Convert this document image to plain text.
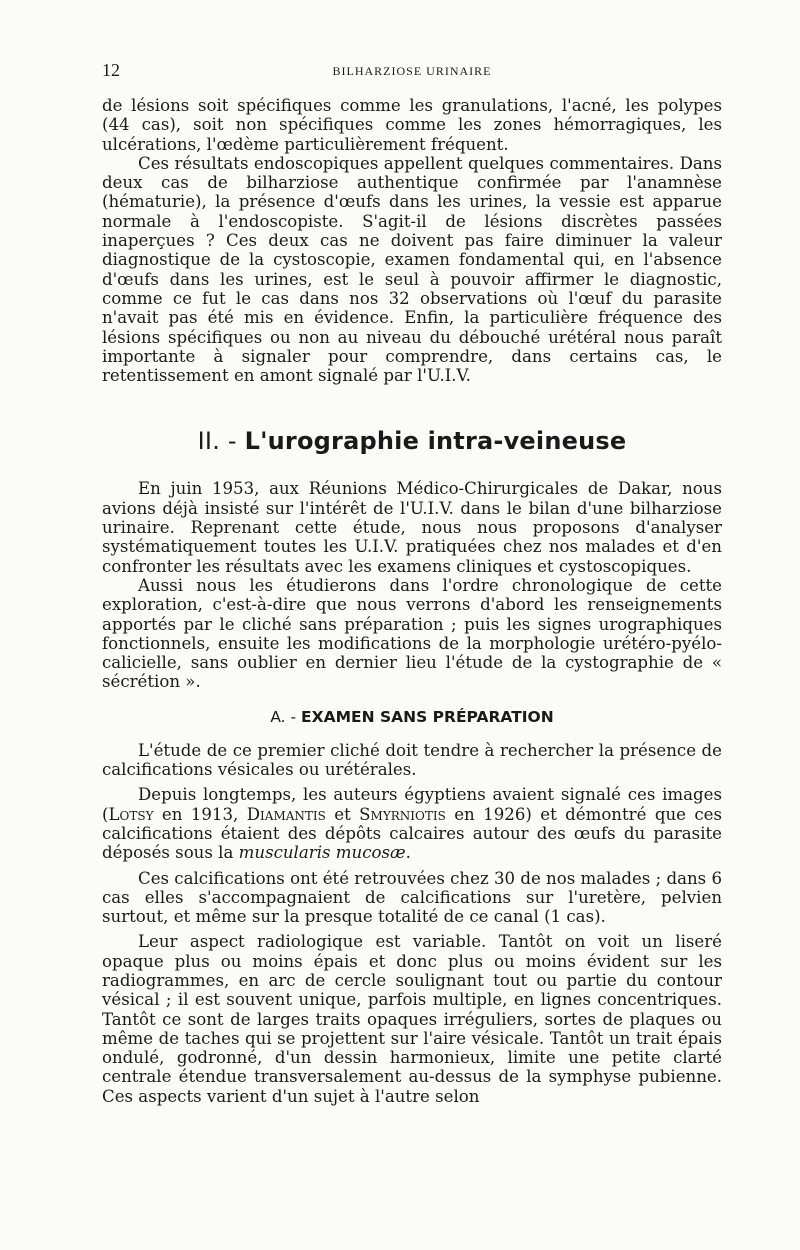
12	BILHARZIOSE URINAIRE

de lésions soit spécifiques comme les granulations, l'acné, les polypes (44 cas), soit non spécifiques comme les zones hémorragiques, les ulcérations, l'œdème particulièrement fréquent.

Ces résultats endoscopiques appellent quelques commentaires. Dans deux cas de bilharziose authentique confirmée par l'anamnèse (hématurie), la présence d'œufs dans les urines, la vessie est apparue normale à l'endoscopiste. S'agit-il de lésions discrètes passées inaperçues ? Ces deux cas ne doivent pas faire diminuer la valeur diagnostique de la cystoscopie, examen fondamental qui, en l'absence d'œufs dans les urines, est le seul à pouvoir affirmer le diagnostic, comme ce fut le cas dans nos 32 observations où l'œuf du parasite n'avait pas été mis en évidence. Enfin, la particulière fréquence des lésions spécifiques ou non au niveau du débouché urétéral nous paraît importante à signaler pour comprendre, dans certains cas, le retentissement en amont signalé par l'U.I.V.

II. - L'urographie intra-veineuse

En juin 1953, aux Réunions Médico-Chirurgicales de Dakar, nous avions déjà insisté sur l'intérêt de l'U.I.V. dans le bilan d'une bilharziose urinaire. Reprenant cette étude, nous nous proposons d'analyser systématiquement toutes les U.I.V. pratiquées chez nos malades et d'en confronter les résultats avec les examens cliniques et cystoscopiques.

Aussi nous les étudierons dans l'ordre chronologique de cette exploration, c'est-à-dire que nous verrons d'abord les renseignements apportés par le cliché sans préparation ; puis les signes urographiques fonctionnels, ensuite les modifications de la morphologie urétéro-pyélo-calicielle, sans oublier en dernier lieu l'étude de la cystographie de « sécrétion ».

A. - EXAMEN SANS PRÉPARATION

L'étude de ce premier cliché doit tendre à rechercher la présence de calcifications vésicales ou urétérales.

Depuis longtemps, les auteurs égyptiens avaient signalé ces images (Lotsy en 1913, Diamantis et Smyrniotis en 1926) et démontré que ces calcifications étaient des dépôts calcaires autour des œufs du parasite déposés sous la muscularis mucosæ.

Ces calcifications ont été retrouvées chez 30 de nos malades ; dans 6 cas elles s'accompagnaient de calcifications sur l'uretère, pelvien surtout, et même sur la presque totalité de ce canal (1 cas).

Leur aspect radiologique est variable. Tantôt on voit un liseré opaque plus ou moins épais et donc plus ou moins évident sur les radiogrammes, en arc de cercle soulignant tout ou partie du contour vésical ; il est souvent unique, parfois multiple, en lignes concentriques. Tantôt ce sont de larges traits opaques irréguliers, sortes de plaques ou même de taches qui se projettent sur l'aire vésicale. Tantôt un trait épais ondulé, godronné, d'un dessin harmonieux, limite une petite clarté centrale étendue transversalement au-dessus de la symphyse pubienne. Ces aspects varient d'un sujet à l'autre selon
